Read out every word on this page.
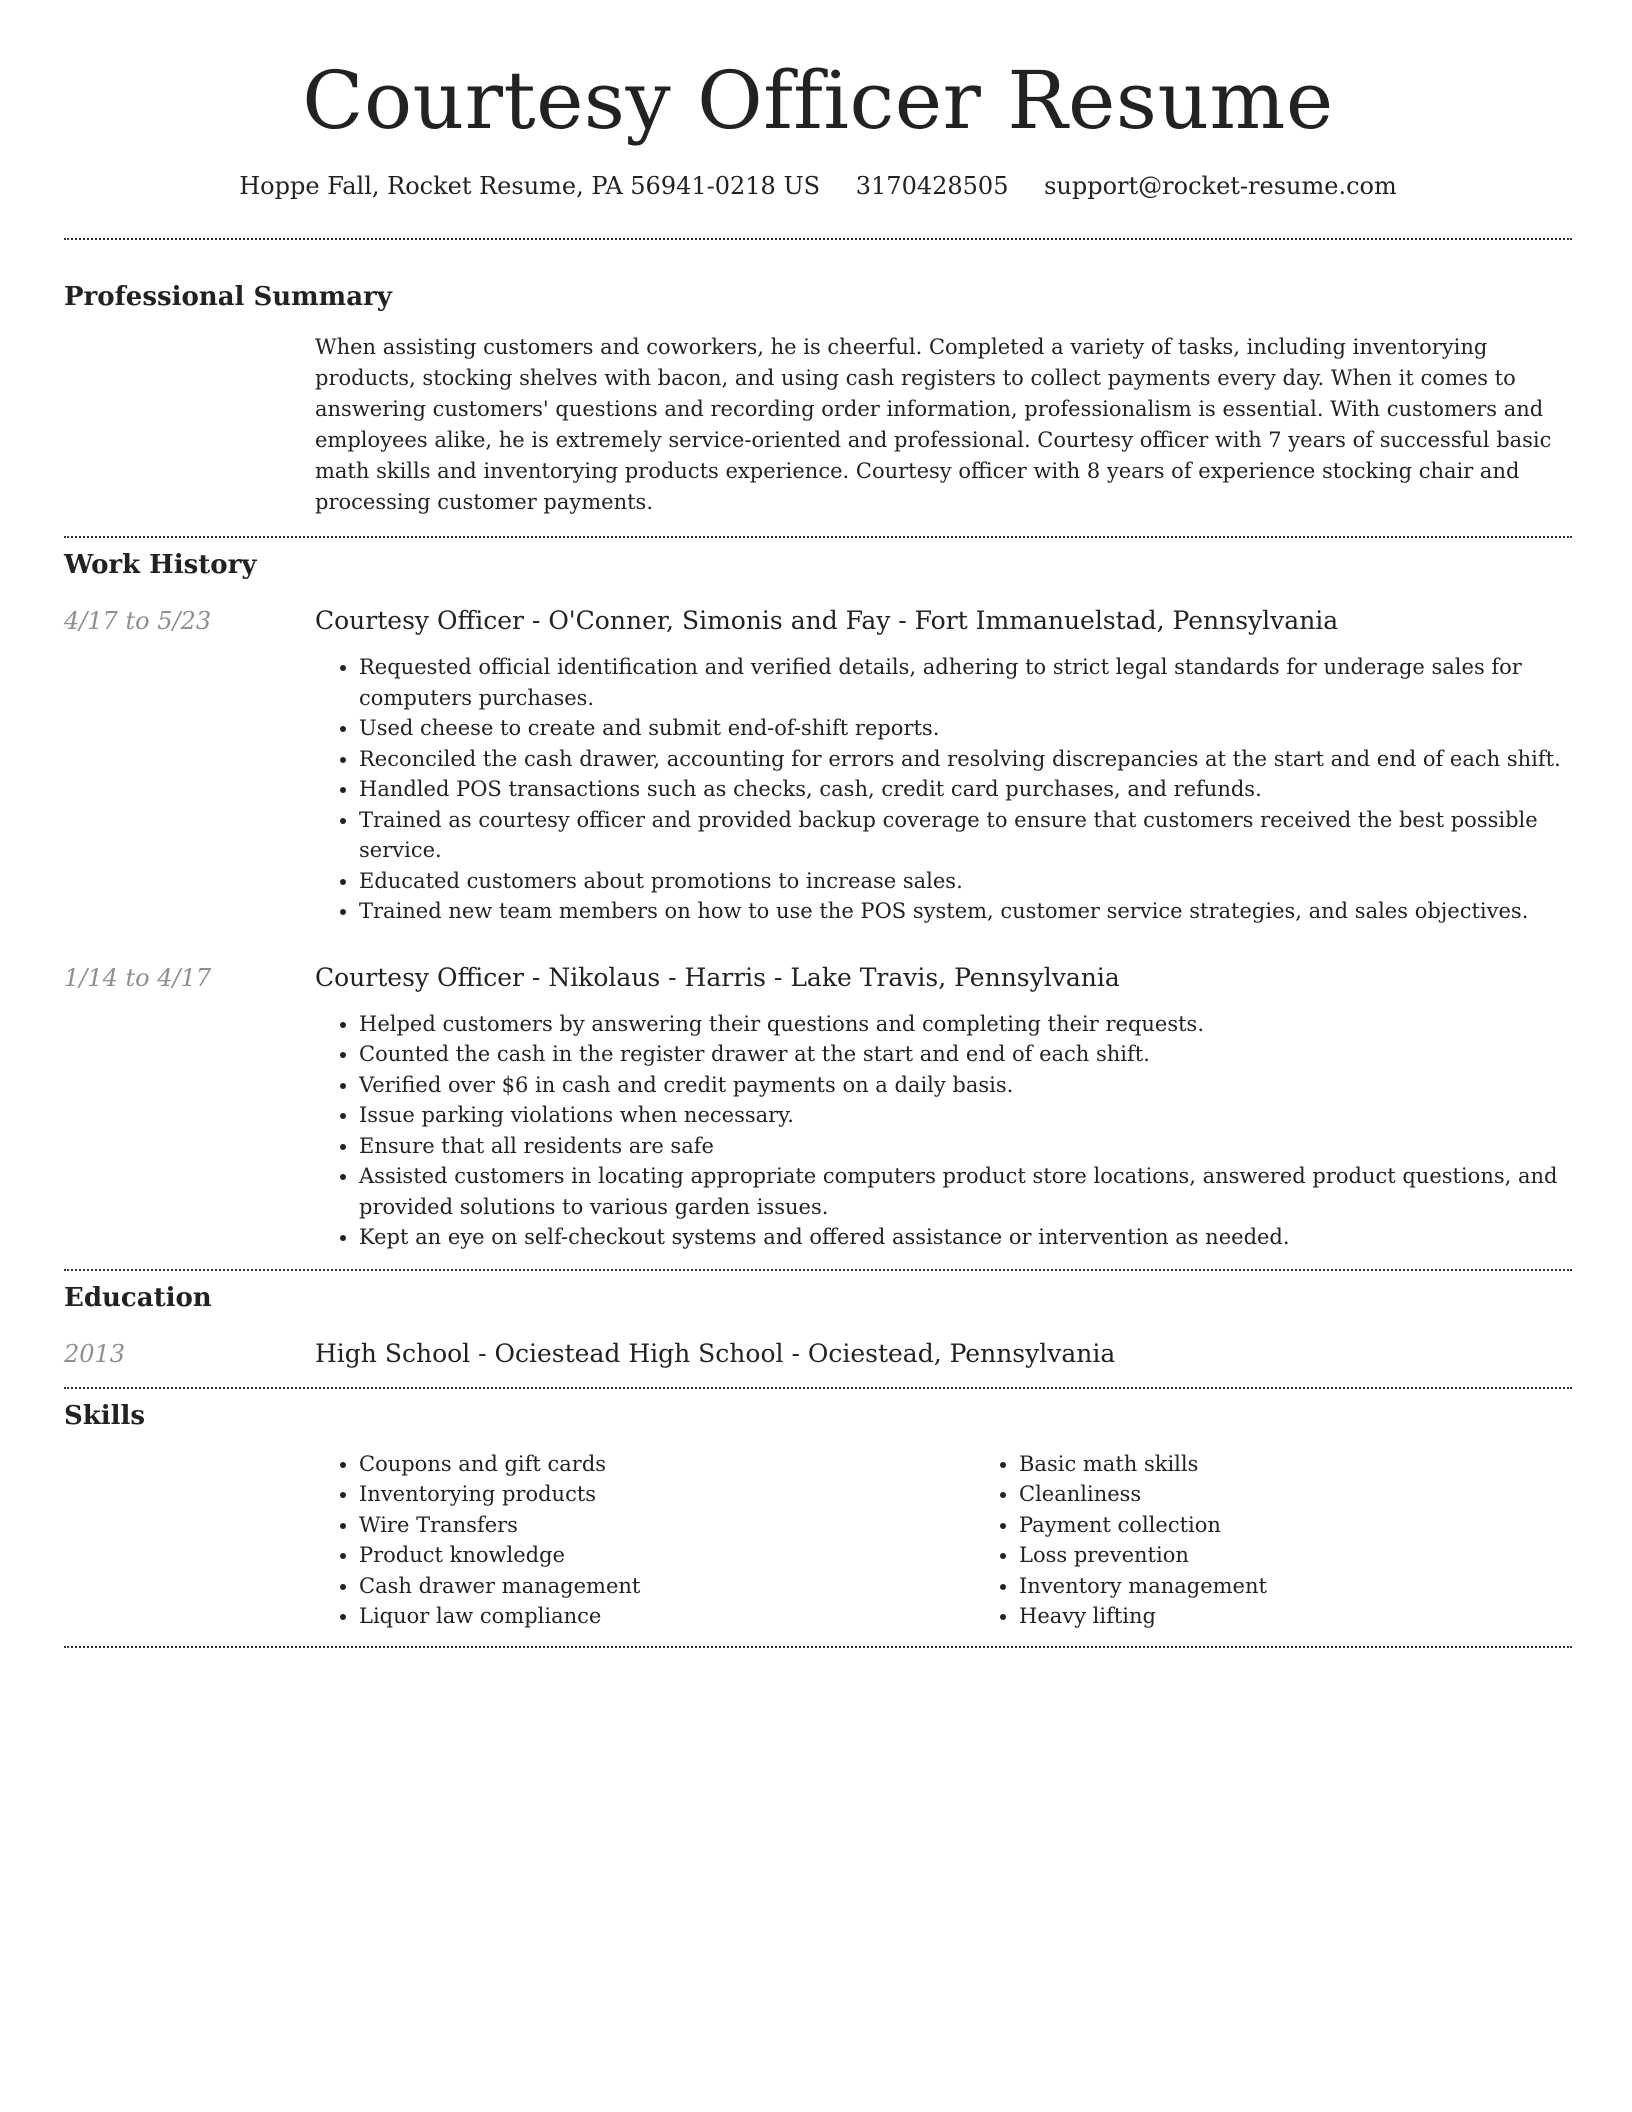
Courtesy Officer Resume
Hoppe Fall, Rocket Resume, PA 56941-0218 US 3170428505 support@rocket-resume.com
Professional Summary

When assisting customers and coworkers, he is cheerful. Completed a variety of tasks, including inventorying products, stocking shelves with bacon, and using cash registers to collect payments every day. When it comes to answering customers' questions and recording order information, professionalism is essential. With customers and employees alike, he is extremely service-oriented and professional. Courtesy officer with 7 years of successful basic math skills and inventorying products experience. Courtesy officer with 8 years of experience stocking chair and processing customer payments.

Work History
4/17 to 5/23	Courtesy Officer - O'Conner, Simonis and Fay - Fort Immanuelstad, Pennsylvania
• Requested official identification and verified details, adhering to strict legal standards for underage sales for computers purchases.
• Used cheese to create and submit end-of-shift reports.
• Reconciled the cash drawer, accounting for errors and resolving discrepancies at the start and end of each shift.
• Handled POS transactions such as checks, cash, credit card purchases, and refunds.
• Trained as courtesy officer and provided backup coverage to ensure that customers received the best possible service.
• Educated customers about promotions to increase sales.
• Trained new team members on how to use the POS system, customer service strategies, and sales objectives.
1/14 to 4/17	Courtesy Officer - Nikolaus - Harris - Lake Travis, Pennsylvania
• Helped customers by answering their questions and completing their requests.
• Counted the cash in the register drawer at the start and end of each shift.
• Verified over $6 in cash and credit payments on a daily basis.
• Issue parking violations when necessary.
• Ensure that all residents are safe
• Assisted customers in locating appropriate computers product store locations, answered product questions, and provided solutions to various garden issues.
• Kept an eye on self-checkout systems and offered assistance or intervention as needed.
Education
2013	High School - Ociestead High School - Ociestead, Pennsylvania
Skills
• Coupons and gift cards
• Inventorying products
• Wire Transfers
• Product knowledge
• Cash drawer management
• Liquor law compliance
• Basic math skills
• Cleanliness
• Payment collection
• Loss prevention
• Inventory management
• Heavy lifting
